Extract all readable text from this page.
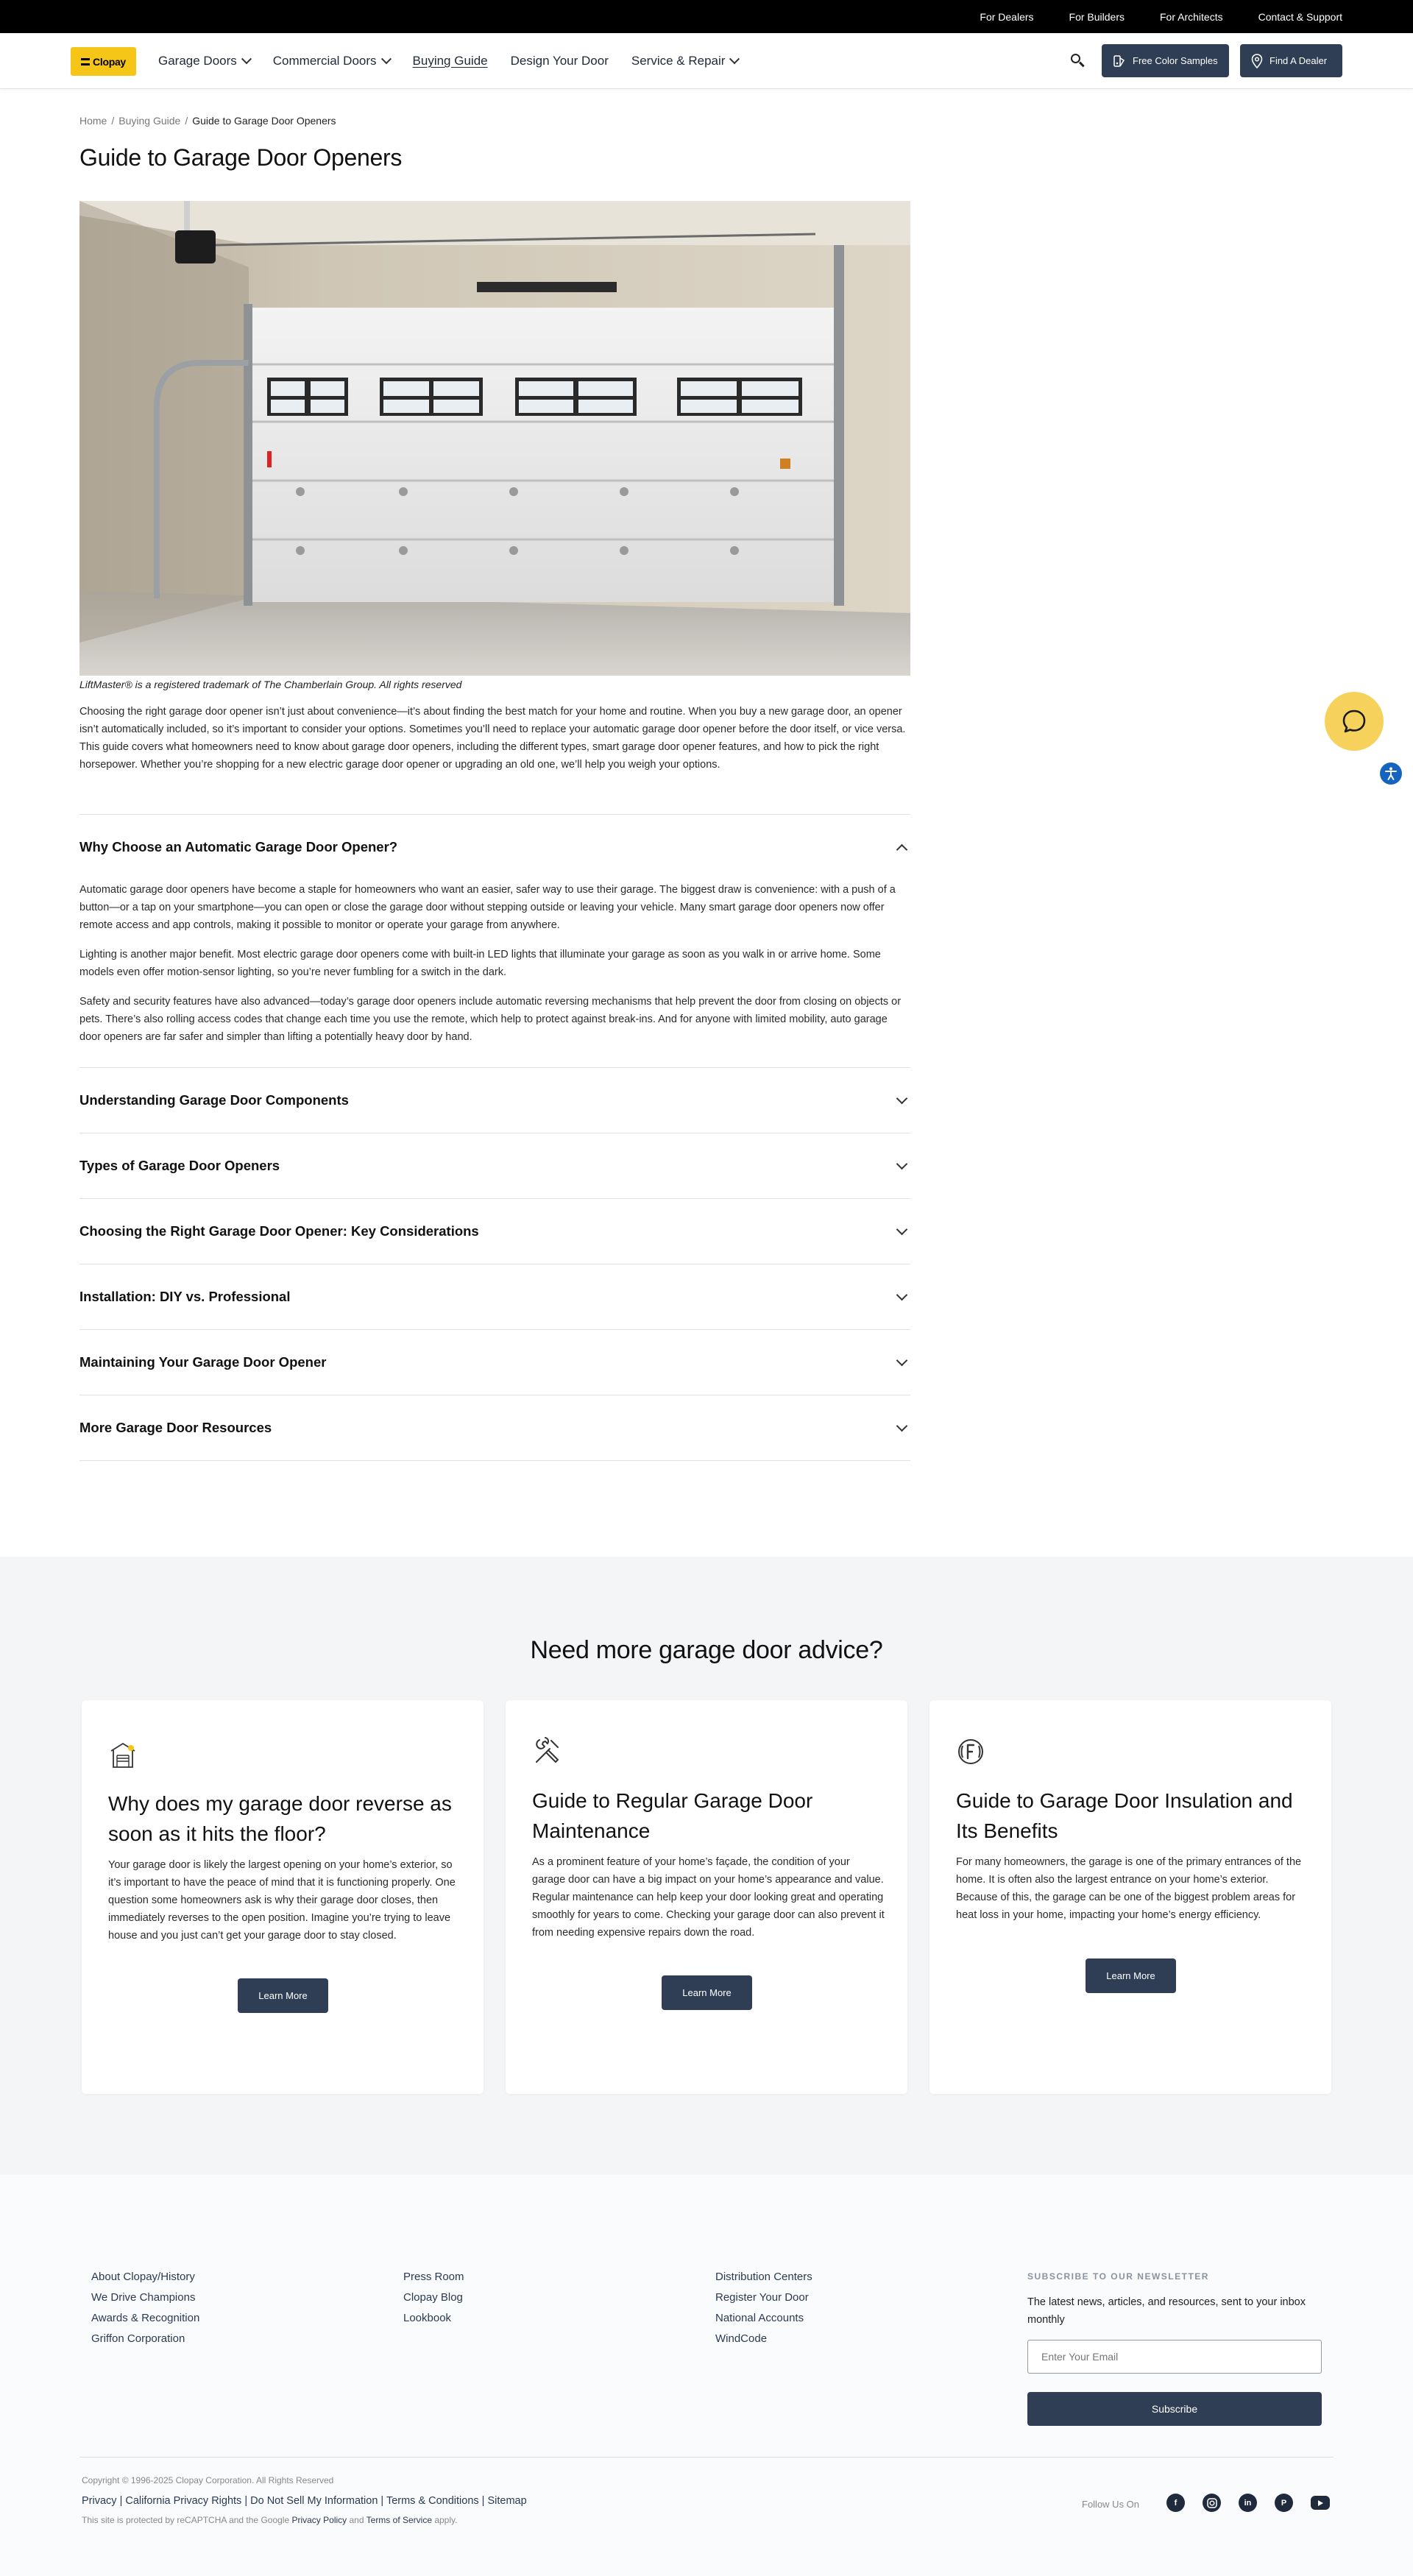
For Dealers	For Builders	For Architects	Contact & Support
Clopay	Garage Doors	Commercial Doors	Buying Guide Design Your Door Service & Repair	Free Color Samples	Find A Dealer
Home / Buying Guide / Guide to Garage Door Openers
Guide to Garage Door Openers

LiftMaster® is a registered trademark of The Chamberlain Group. All rights reserved

Choosing the right garage door opener isn’t just about convenience—it’s about finding the best match for your home and routine. When you buy a new garage door, an opener isn’t automatically included, so it’s important to consider your options. Sometimes you’ll need to replace your automatic garage door opener before the door itself, or vice versa. This guide covers what homeowners need to know about garage door openers, including the different types, smart garage door opener features, and how to pick the right horsepower. Whether you’re shopping for a new electric garage door opener or upgrading an old one, we’ll help you weigh your options.

Why Choose an Automatic Garage Door Opener?

Automatic garage door openers have become a staple for homeowners who want an easier, safer way to use their garage. The biggest draw is convenience: with a push of a button—or a tap on your smartphone—you can open or close the garage door without stepping outside or leaving your vehicle. Many smart garage door openers now offer remote access and app controls, making it possible to monitor or operate your garage from anywhere.

Lighting is another major benefit. Most electric garage door openers come with built-in LED lights that illuminate your garage as soon as you walk in or arrive home. Some models even offer motion-sensor lighting, so you’re never fumbling for a switch in the dark.

Safety and security features have also advanced—today’s garage door openers include automatic reversing mechanisms that help prevent the door from closing on objects or pets. There’s also rolling access codes that change each time you use the remote, which help to protect against break-ins. And for anyone with limited mobility, auto garage door openers are far safer and simpler than lifting a potentially heavy door by hand.

Understanding Garage Door Components
Types of Garage Door Openers
Choosing the Right Garage Door Opener: Key Considerations
Installation: DIY vs. Professional
Maintaining Your Garage Door Opener
More Garage Door Resources
Need more garage door advice?
Why does my garage door reverse as soon as it hits the floor?

Your garage door is likely the largest opening on your home’s exterior, so it’s important to have the peace of mind that it is functioning properly. One question some homeowners ask is why their garage door closes, then immediately reverses to the open position. Imagine you’re trying to leave house and you just can’t get your garage door to stay closed.

Learn More
Guide to Regular Garage Door Maintenance

As a prominent feature of your home’s façade, the condition of your garage door can have a big impact on your home’s appearance and value. Regular maintenance can help keep your door looking great and operating smoothly for years to come. Checking your garage door can also prevent it from needing expensive repairs down the road.

Learn More
Guide to Garage Door Insulation and Its Benefits

For many homeowners, the garage is one of the primary entrances of the home. It is often also the largest entrance on your home’s exterior. Because of this, the garage can be one of the biggest problem areas for heat loss in your home, impacting your home’s energy efficiency.

Learn More
About Clopay/History
We Drive Champions
Awards & Recognition
Griffon Corporation
Press Room
Clopay Blog
Lookbook
Distribution Centers
Register Your Door
National Accounts
WindCode
SUBSCRIBE TO OUR NEWSLETTER
The latest news, articles, and resources, sent to your inbox monthly
Enter Your Email
Subscribe
Copyright © 1996-2025 Clopay Corporation. All Rights Reserved
Privacy | California Privacy Rights | Do Not Sell My Information | Terms & Conditions | Sitemap
This site is protected by reCAPTCHA and the Google Privacy Policy and Terms of Service apply.
Follow Us On	f	in	P
